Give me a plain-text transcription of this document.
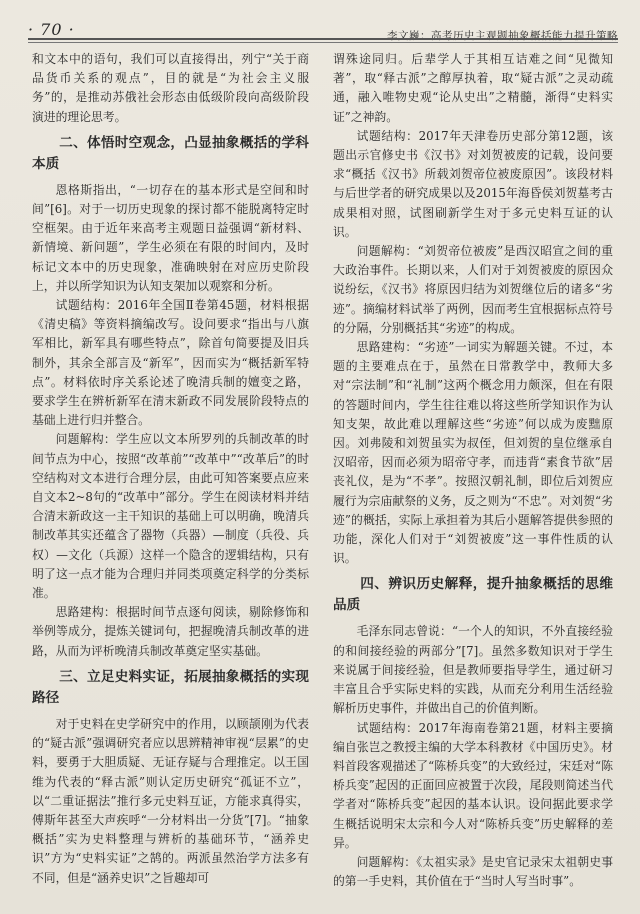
· 70 ·	李文巍：高考历史主观题抽象概括能力提升策略

和文本中的语句，我们可以直接得出，列宁“关于商品货币关系的观点”，目的就是“为社会主义服务”的，是推动苏俄社会形态由低级阶段向高级阶段演进的理论思考。

二、体悟时空观念，凸显抽象概括的学科本质

恩格斯指出，“一切存在的基本形式是空间和时间”[6]。对于一切历史现象的探讨都不能脱离特定时空框架。由于近年来高考主观题日益强调“新材料、新情境、新问题”，学生必须在有限的时间内，及时标记文本中的历史现象，准确映射在对应历史阶段上，并以所学知识为认知支架加以观察和分析。

试题结构：2016年全国Ⅱ卷第45题，材料根据《清史稿》等资料摘编改写。设问要求“指出与八旗军相比，新军具有哪些特点”，除首句简要提及旧兵制外，其余全部言及“新军”，因而实为“概括新军特点”。材料依时序关系论述了晚清兵制的嬗变之路，要求学生在辨析新军在清末新政不同发展阶段特点的基础上进行归并整合。

问题解构：学生应以文本所罗列的兵制改革的时间节点为中心，按照“改革前”“改革中”“改革后”的时空结构对文本进行合理分层，由此可知答案要点应来自文本2~8句的“改革中”部分。学生在阅读材料并结合清末新政这一主干知识的基础上可以明确，晚清兵制改革其实还蕴含了器物（兵器）—制度（兵役、兵权）—文化（兵源）这样一个隐含的逻辑结构，只有明了这一点才能为合理归并同类项奠定科学的分类标准。

思路建构：根据时间节点逐句阅读，剔除修饰和举例等成分，提炼关键词句，把握晚清兵制改革的进路，从而为评析晚清兵制改革奠定坚实基础。

三、立足史料实证，拓展抽象概括的实现路径

对于史料在史学研究中的作用，以顾颉刚为代表的“疑古派”强调研究者应以思辨精神审视“层累”的史料，要勇于大胆质疑、无证存疑与合理推定。以王国维为代表的“释古派”则认定历史研究“孤证不立”，以“二重证据法”推行多元史料互证，方能求真得实，傅斯年甚至大声疾呼“一分材料出一分货”[7]。“抽象概括”实为史料整理与辨析的基础环节，“涵养史识”方为“史料实证”之鹄的。两派虽然治学方法多有不同，但是“涵养史识”之旨趣却可

谓殊途同归。后辈学人于其相互诘难之间“见微知著”，取“释古派”之醇厚执着，取“疑古派”之灵动疏通，融入唯物史观“论从史出”之精髓，渐得“史料实证”之神韵。

试题结构：2017年天津卷历史部分第12题，该题出示官修史书《汉书》对刘贺被废的记载，设问要求“概括《汉书》所载刘贺帝位被废原因”。该段材料与后世学者的研究成果以及2015年海昏侯刘贺墓考古成果相对照，试图刷新学生对于多元史料互证的认识。

问题解构：“刘贺帝位被废”是西汉昭宣之间的重大政治事件。长期以来，人们对于刘贺被废的原因众说纷纭，《汉书》将原因归结为刘贺继位后的诸多“劣迹”。摘编材料试举了两例，因而考生宜根据标点符号的分隔，分别概括其“劣迹”的构成。

思路建构：“劣迹”一词实为解题关键。不过，本题的主要难点在于，虽然在日常教学中，教师大多对“宗法制”和“礼制”这两个概念用力颇深，但在有限的答题时间内，学生往往难以将这些所学知识作为认知支架，故此难以理解这些“劣迹”何以成为废黜原因。刘弗陵和刘贺虽实为叔侄，但刘贺的皇位继承自汉昭帝，因而必须为昭帝守孝，而违背“素食节欲”居丧礼仪，是为“不孝”。按照汉朝礼制，即位后刘贺应履行为宗庙献祭的义务，反之则为“不忠”。对刘贺“劣迹”的概括，实际上承担着为其后小题解答提供参照的功能，深化人们对于“刘贺被废”这一事件性质的认识。

四、辨识历史解释，提升抽象概括的思维品质

毛泽东同志曾说：“一个人的知识，不外直接经验的和间接经验的两部分”[7]。虽然多数知识对于学生来说属于间接经验，但是教师要指导学生，通过研习丰富且合乎实际史料的实践，从而充分利用生活经验解析历史事件，并做出自己的价值判断。

试题结构：2017年海南卷第21题，材料主要摘编自张岂之教授主编的大学本科教材《中国历史》。材料首段客观描述了“陈桥兵变”的大致经过，宋廷对“陈桥兵变”起因的正面回应被置于次段，尾段则简述当代学者对“陈桥兵变”起因的基本认识。设问据此要求学生概括说明宋太宗和今人对“陈桥兵变”历史解释的差异。

问题解构：《太祖实录》是史官记录宋太祖朝史事的第一手史料，其价值在于“当时人写当时事”。
